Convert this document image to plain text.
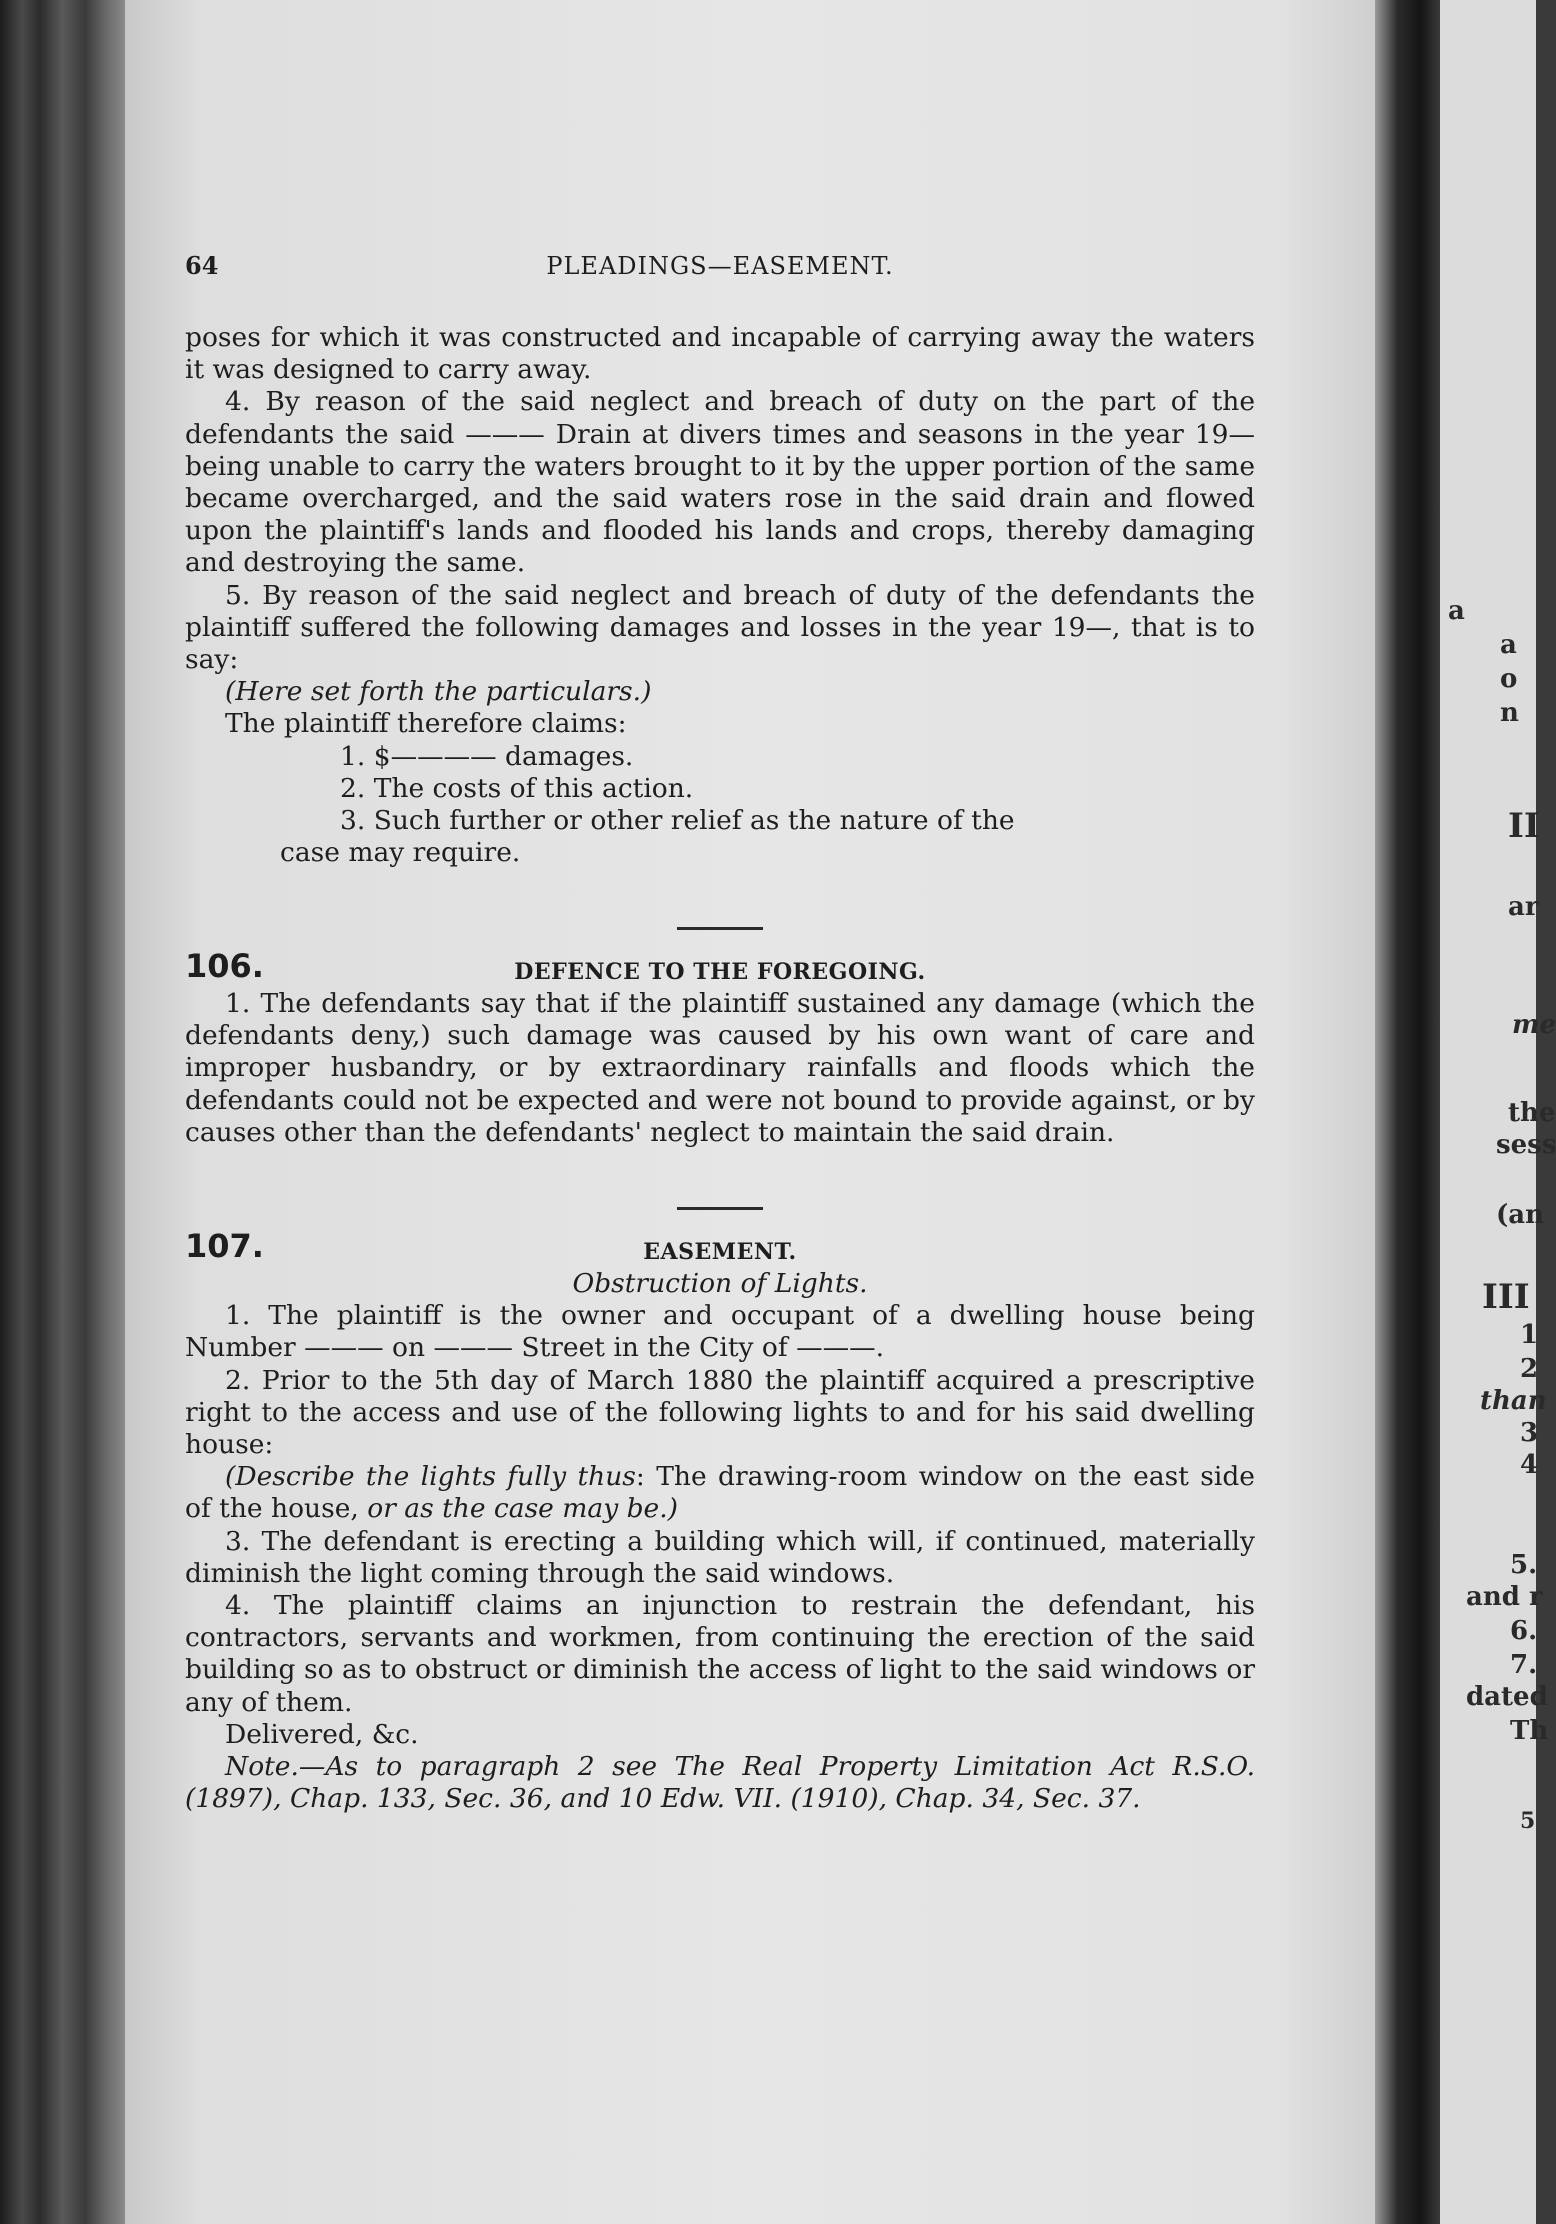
a
a
o
n
II
ar
me
the
sess
(an
III
1
2
than
3
4
5.
and r
6.
7.
dated
Th
5
64	PLEADINGS—EASEMENT.

poses for which it was constructed and incapable of carrying away the waters it was designed to carry away.

4. By reason of the said neglect and breach of duty on the part of the defendants the said ——— Drain at divers times and seasons in the year 19— being unable to carry the waters brought to it by the upper portion of the same became overcharged, and the said waters rose in the said drain and flowed upon the plaintiff's lands and flooded his lands and crops, thereby damaging and destroying the same.

5. By reason of the said neglect and breach of duty of the defendants the plaintiff suffered the following damages and losses in the year 19—, that is to say:

(Here set forth the particulars.)

The plaintiff therefore claims:

1. $———— damages.

2. The costs of this action.

3. Such further or other relief as the nature of the

case may require.

106.	DEFENCE TO THE FOREGOING.

1. The defendants say that if the plaintiff sustained any damage (which the defendants deny,) such damage was caused by his own want of care and improper husbandry, or by extraordinary rainfalls and floods which the defendants could not be expected and were not bound to provide against, or by causes other than the defendants' neglect to maintain the said drain.

107.	EASEMENT.

Obstruction of Lights.

1. The plaintiff is the owner and occupant of a dwelling house being Number ——— on ——— Street in the City of ———.

2. Prior to the 5th day of March 1880 the plaintiff acquired a prescriptive right to the access and use of the following lights to and for his said dwelling house:

(Describe the lights fully thus: The drawing-room window on the east side of the house, or as the case may be.)

3. The defendant is erecting a building which will, if continued, materially diminish the light coming through the said windows.

4. The plaintiff claims an injunction to restrain the defendant, his contractors, servants and workmen, from continuing the erection of the said building so as to obstruct or diminish the access of light to the said windows or any of them.

Delivered, &c.

Note.—As to paragraph 2 see The Real Property Limitation Act R.S.O. (1897), Chap. 133, Sec. 36, and 10 Edw. VII. (1910), Chap. 34, Sec. 37.
